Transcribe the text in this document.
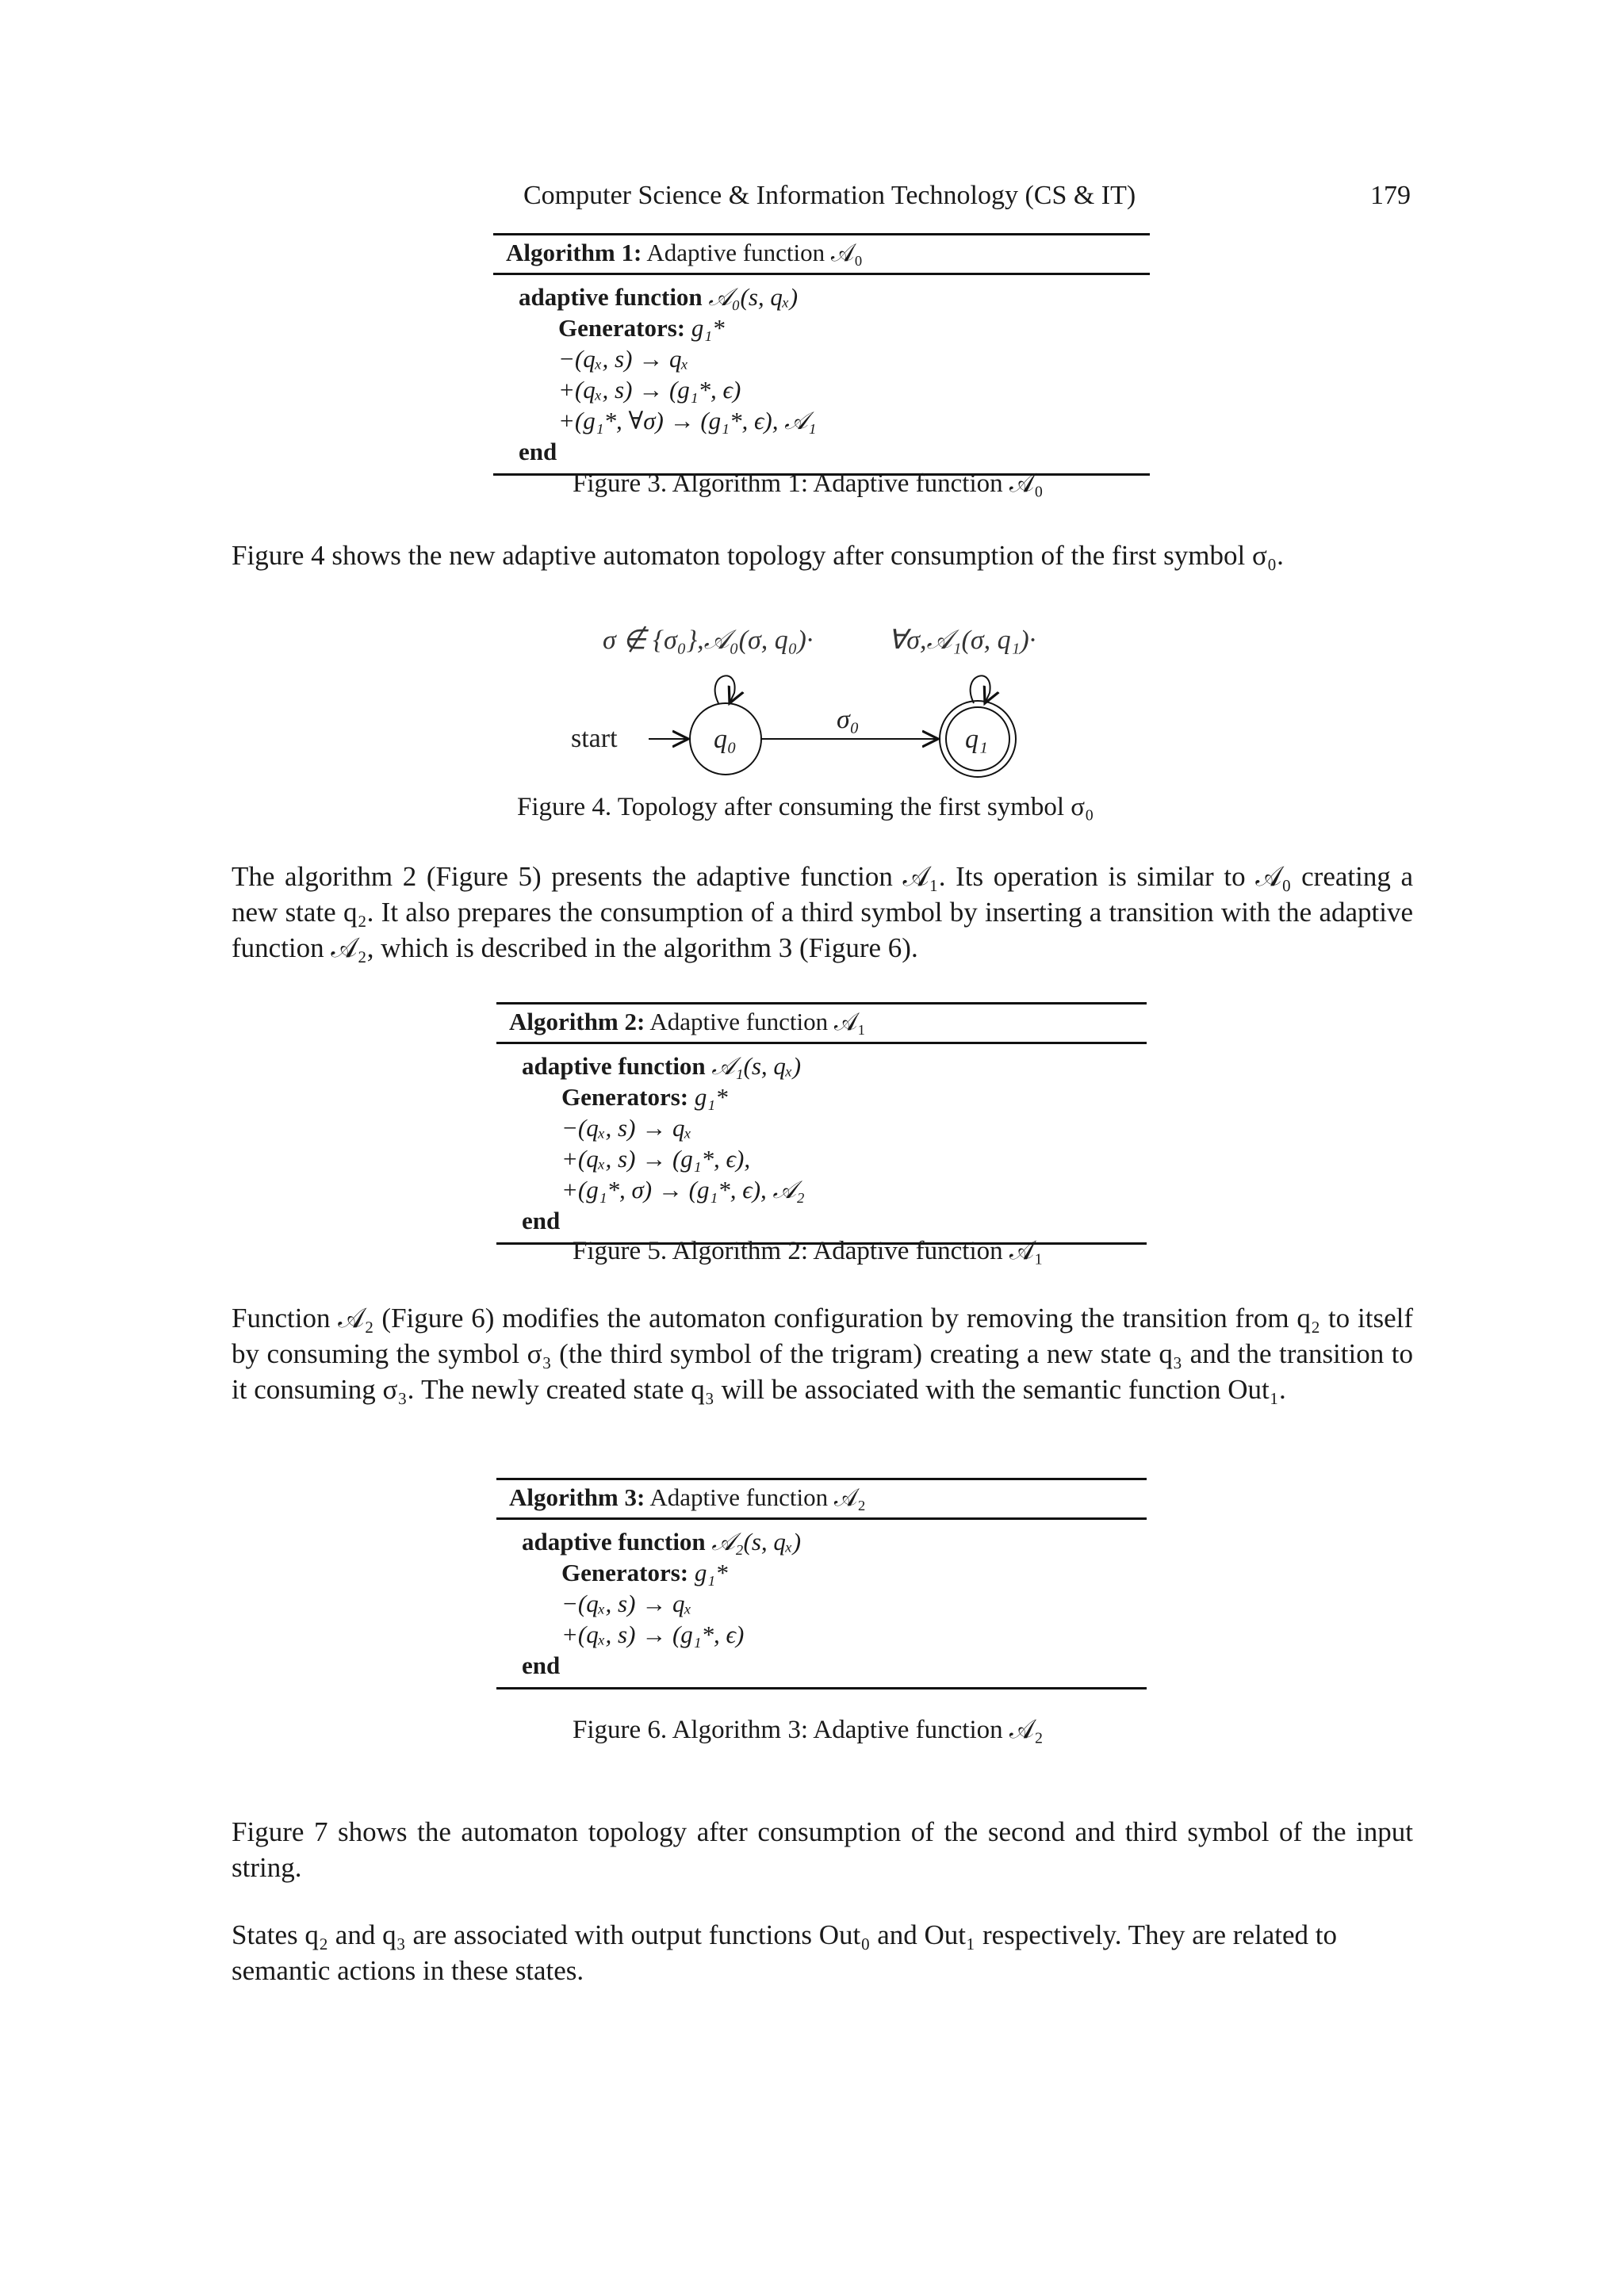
Computer Science & Information Technology (CS & IT)	179
Algorithm 1: Adaptive function 𝒜₀
adaptive function 𝒜₀(s, qₓ)
Generators: g₁*
−(qₓ, s) → qₓ
+(qₓ, s) → (g₁*, ϵ)
+(g₁*, ∀σ) → (g₁*, ϵ), 𝒜₁
end
Figure 3. Algorithm 1: Adaptive function 𝒜₀
Figure 4 shows the new adaptive automaton topology after consumption of the first symbol σ₀.
σ ∉ {σ₀},𝒜₀(σ, q₀)·	∀σ,𝒜₁(σ, q₁)·
start	q₀
σ₀
q₁
Figure 4. Topology after consuming the first symbol σ₀
The algorithm 2 (Figure 5) presents the adaptive function 𝒜₁. Its operation is similar to 𝒜₀ creating a new state q₂. It also prepares the consumption of a third symbol by inserting a transition with the adaptive function 𝒜₂, which is described in the algorithm 3 (Figure 6).
Algorithm 2: Adaptive function 𝒜₁
adaptive function 𝒜₁(s, qₓ)
Generators: g₁*
−(qₓ, s) → qₓ
+(qₓ, s) → (g₁*, ϵ),
+(g₁*, σ) → (g₁*, ϵ), 𝒜₂
end
Figure 5. Algorithm 2: Adaptive function 𝒜₁
Function 𝒜₂ (Figure 6) modifies the automaton configuration by removing the transition from q₂ to itself by consuming the symbol σ₃ (the third symbol of the trigram) creating a new state q₃ and the transition to it consuming σ₃. The newly created state q₃ will be associated with the semantic function Out₁.
Algorithm 3: Adaptive function 𝒜₂
adaptive function 𝒜₂(s, qₓ)
Generators: g₁*
−(qₓ, s) → qₓ
+(qₓ, s) → (g₁*, ϵ)
end
Figure 6. Algorithm 3: Adaptive function 𝒜₂
Figure 7 shows the automaton topology after consumption of the second and third symbol of the input string.
States q₂ and q₃ are associated with output functions Out₀ and Out₁ respectively. They are related to semantic actions in these states.
